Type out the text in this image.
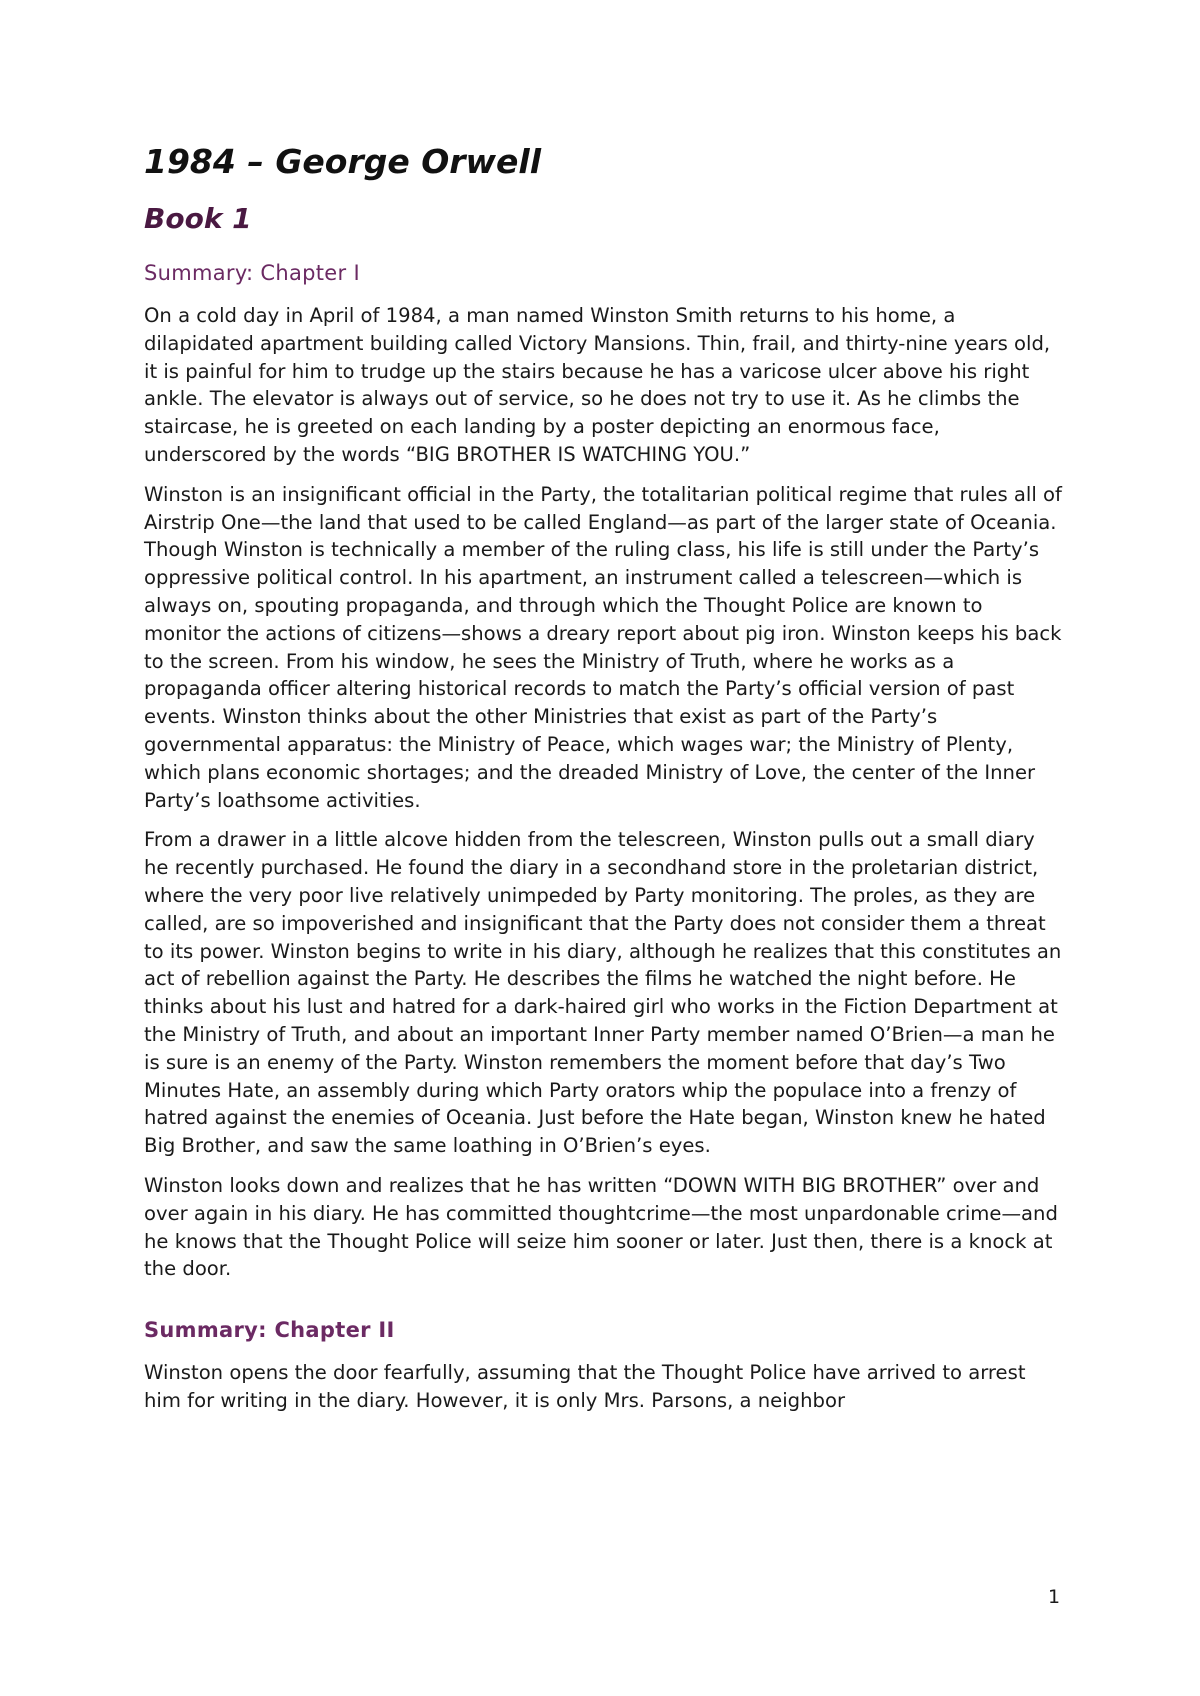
1984 – George Orwell
Book 1
Summary: Chapter I

On a cold day in April of 1984, a man named Winston Smith returns to his home, a dilapidated apartment building called Victory Mansions. Thin, frail, and thirty-nine years old, it is painful for him to trudge up the stairs because he has a varicose ulcer above his right ankle. The elevator is always out of service, so he does not try to use it. As he climbs the staircase, he is greeted on each landing by a poster depicting an enormous face, underscored by the words “BIG BROTHER IS WATCHING YOU.”

Winston is an insignificant official in the Party, the totalitarian political regime that rules all of Airstrip One—the land that used to be called England—as part of the larger state of Oceania. Though Winston is technically a member of the ruling class, his life is still under the Party’s oppressive political control. In his apartment, an instrument called a telescreen—which is always on, spouting propaganda, and through which the Thought Police are known to monitor the actions of citizens—shows a dreary report about pig iron. Winston keeps his back to the screen. From his window, he sees the Ministry of Truth, where he works as a propaganda officer altering historical records to match the Party’s official version of past events. Winston thinks about the other Ministries that exist as part of the Party’s governmental apparatus: the Ministry of Peace, which wages war; the Ministry of Plenty, which plans economic shortages; and the dreaded Ministry of Love, the center of the Inner Party’s loathsome activities.

From a drawer in a little alcove hidden from the telescreen, Winston pulls out a small diary he recently purchased. He found the diary in a secondhand store in the proletarian district, where the very poor live relatively unimpeded by Party monitoring. The proles, as they are called, are so impoverished and insignificant that the Party does not consider them a threat to its power. Winston begins to write in his diary, although he realizes that this constitutes an act of rebellion against the Party. He describes the films he watched the night before. He thinks about his lust and hatred for a dark-haired girl who works in the Fiction Department at the Ministry of Truth, and about an important Inner Party member named O’Brien—a man he is sure is an enemy of the Party. Winston remembers the moment before that day’s Two Minutes Hate, an assembly during which Party orators whip the populace into a frenzy of hatred against the enemies of Oceania. Just before the Hate began, Winston knew he hated Big Brother, and saw the same loathing in O’Brien’s eyes.

Winston looks down and realizes that he has written “DOWN WITH BIG BROTHER” over and over again in his diary. He has committed thoughtcrime—the most unpardonable crime—and he knows that the Thought Police will seize him sooner or later. Just then, there is a knock at the door.

Summary: Chapter II

Winston opens the door fearfully, assuming that the Thought Police have arrived to arrest him for writing in the diary. However, it is only Mrs. Parsons, a neighbor

1
